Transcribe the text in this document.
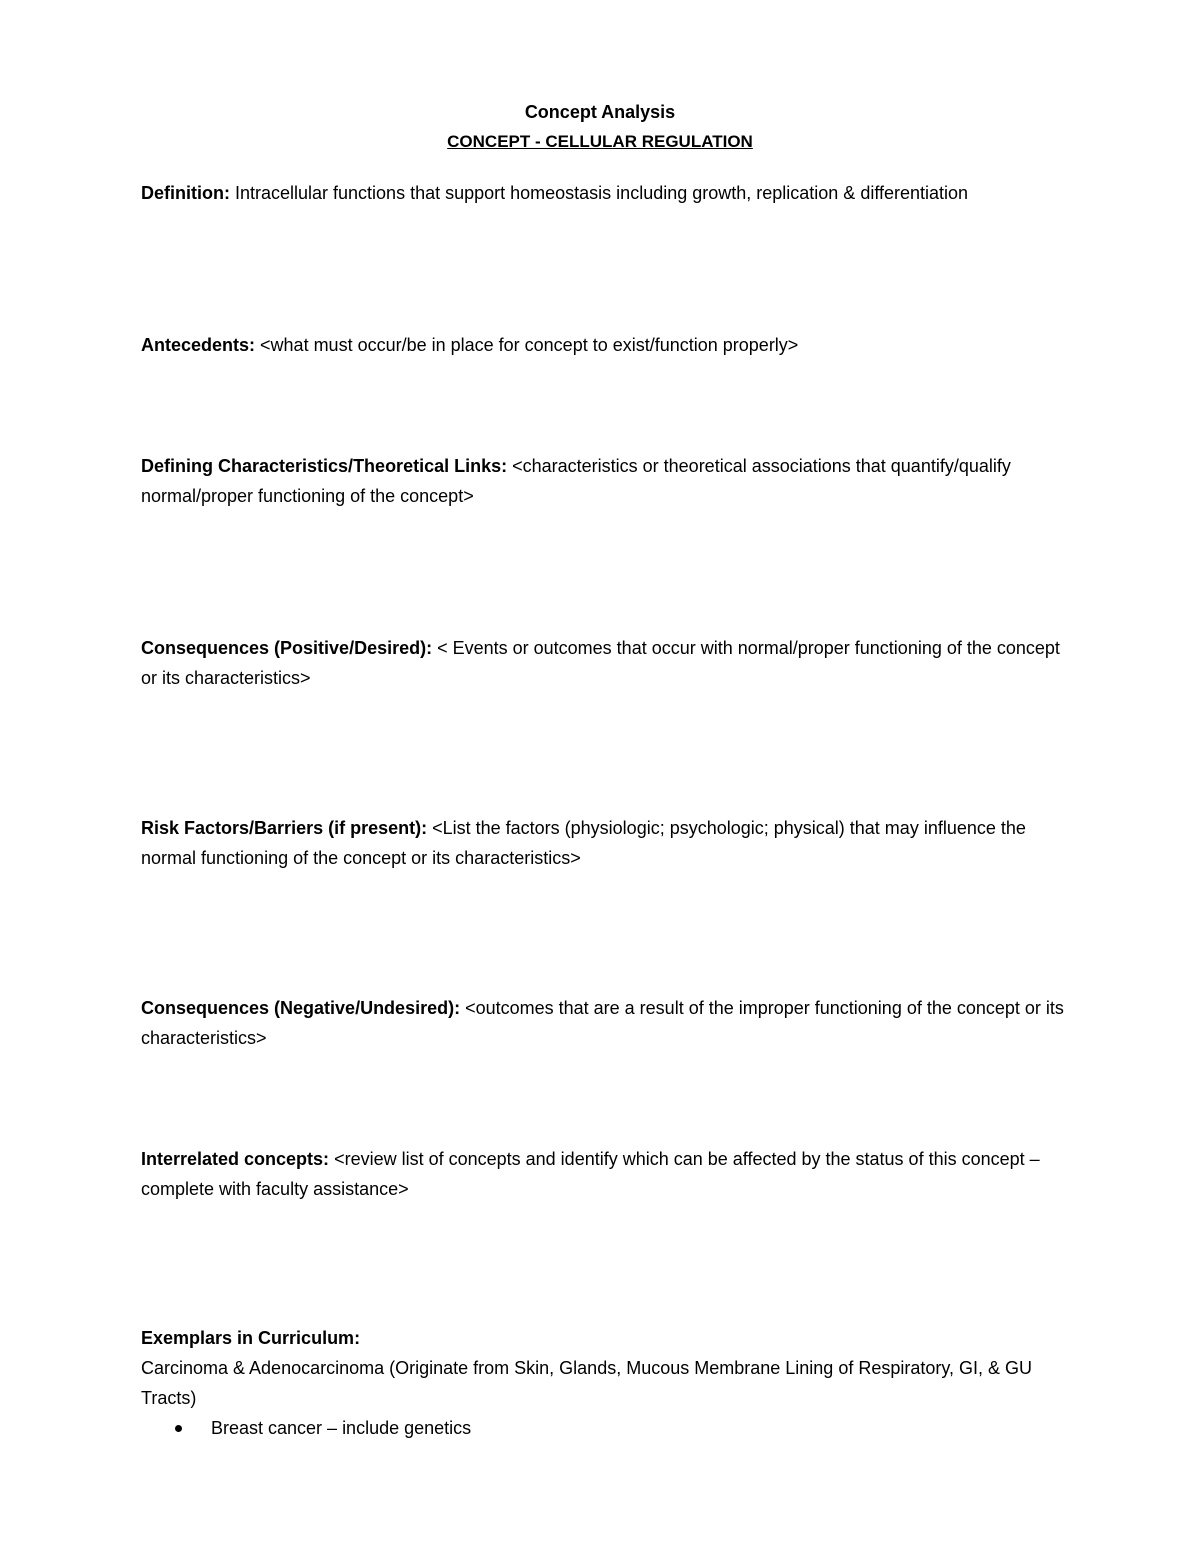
Concept Analysis
CONCEPT - CELLULAR REGULATION
Definition: Intracellular functions that support homeostasis including growth, replication & differentiation
Antecedents: <what must occur/be in place for concept to exist/function properly>
Defining Characteristics/Theoretical Links: <characteristics or theoretical associations that quantify/qualify normal/proper functioning of the concept>
Consequences (Positive/Desired): < Events or outcomes that occur with normal/proper functioning of the concept or its characteristics>
Risk Factors/Barriers (if present): <List the factors (physiologic; psychologic; physical) that may influence the normal functioning of the concept or its characteristics>
Consequences (Negative/Undesired): <outcomes that are a result of the improper functioning of the concept or its characteristics>
Interrelated concepts: <review list of concepts and identify which can be affected by the status of this concept – complete with faculty assistance>
Exemplars in Curriculum:
Carcinoma & Adenocarcinoma (Originate from Skin, Glands, Mucous Membrane Lining of Respiratory, GI, & GU Tracts)
Breast cancer – include genetics
